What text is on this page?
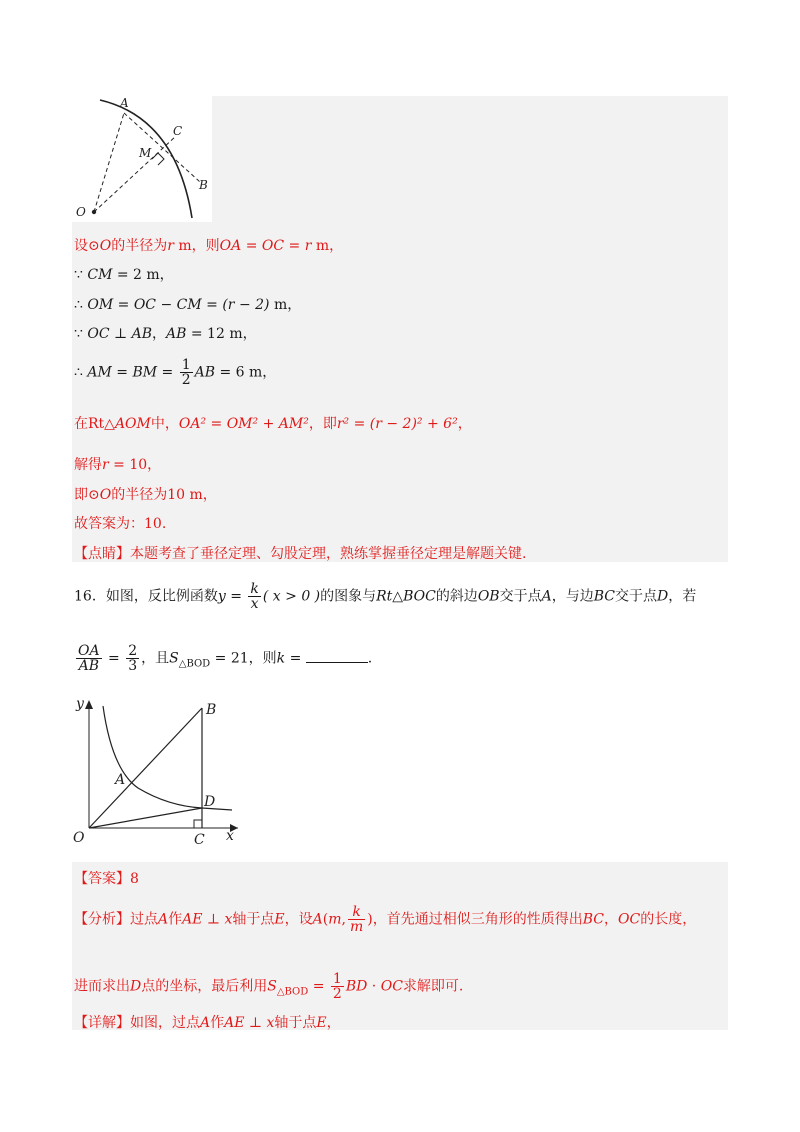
A
C
M
B
O
设⊙O的半径为r m，则OA = OC = r m，
∵ CM = 2 m，
∴ OM = OC − CM = (r − 2) m，
∵ OC ⊥ AB，AB = 12 m，
∴ AM = BM = $\frac{1}{2}$ AB = 6 m，
在Rt△AOM中，OA² = OM² + AM²，即r² = (r − 2)² + 6²，
解得r = 10，
即⊙O的半径为10 m，
故答案为：10.
【点睛】本题考查了垂径定理、勾股定理，熟练掌握垂径定理是解题关键.
16．如图，反比例函数$y = \frac{k}{x}$ ( x > 0 )的图象与Rt△BOC的斜边OB交于点A，与边BC交于点D，若
$\frac{OA}{AB} = \frac{2}{3}$ ，且$S_{\triangle BOD} = 21$，则k =	.
y	B
A
D
O	C x
【答案】8
【分析】过点A作AE ⊥ x轴于点E，设A(m, $\frac{k}{m}$ )，首先通过相似三角形的性质得出BC，OC的长度，
进而求出D点的坐标，最后利用$S_{\triangle BOD} = \frac{1}{2}$ BD · OC求解即可.
【详解】如图，过点A作AE ⊥ x轴于点E，
